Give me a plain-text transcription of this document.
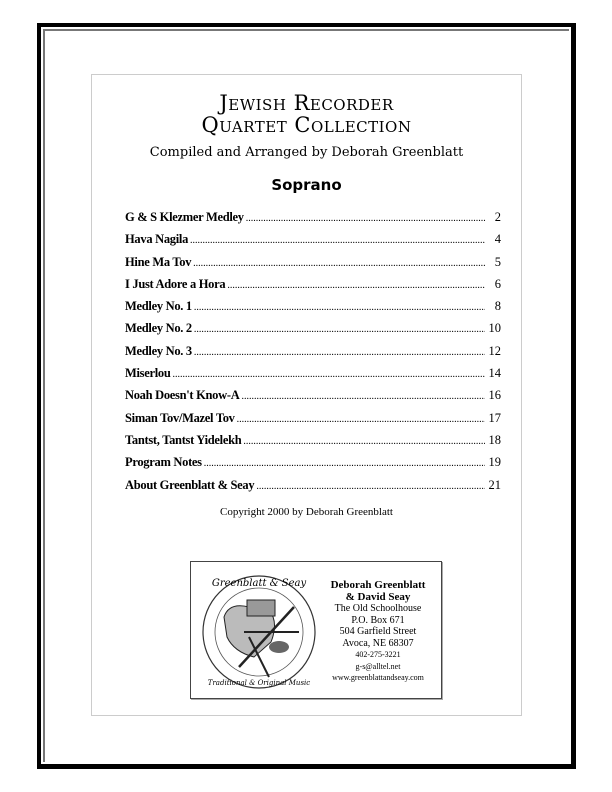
Jewish Recorder
Quartet Collection
Compiled and Arranged by Deborah Greenblatt
Soprano
G & S Klezmer Medley .....	2
Hava Nagila .....	4
Hine Ma Tov .....	5
I Just Adore a Hora .....	6
Medley No. 1 .....	8
Medley No. 2 .....	10
Medley No. 3 .....	12
Miserlou .....	14
Noah Doesn't Know-A .....	16
Siman Tov/Mazel Tov .....	17
Tantst, Tantst Yidelekh .....	18
Program Notes .....	19
About Greenblatt & Seay .....	21
Copyright 2000 by Deborah Greenblatt
Greenblatt & Seay
Traditional & Original Music
Deborah Greenblatt
& David Seay
The Old Schoolhouse
P.O. Box 671
504 Garfield Street
Avoca, NE 68307
402-275-3221
g-s@alltel.net
www.greenblattandseay.com
